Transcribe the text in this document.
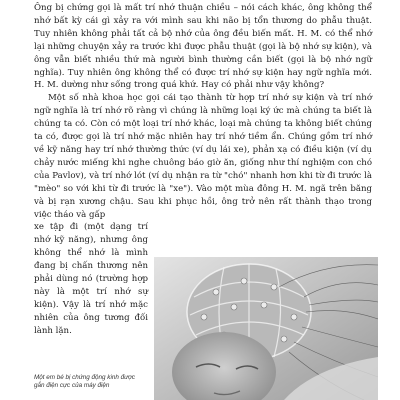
Ông bị chứng gọi là mất trí nhớ thuận chiều – nói cách khác, ông không thể nhớ bất kỳ cái gì xảy ra với mình sau khi não bị tổn thương do phẫu thuật. Tuy nhiên không phải tất cả bộ nhớ của ông đều biến mất. H. M. có thể nhớ lại những chuyện xảy ra trước khi được phẫu thuật (gọi là bộ nhớ sự kiện), và ông vẫn biết nhiều thứ mà người bình thường cần biết (gọi là bộ nhớ ngữ nghĩa). Tuy nhiên ông không thể có được trí nhớ sự kiện hay ngữ nghĩa mới. H. M. dường như sống trong quá khứ. Hay có phải như vậy không?

Một số nhà khoa học gọi cái tạo thành từ hợp trí nhớ sự kiện và trí nhớ ngữ nghĩa là trí nhớ rõ ràng vì chúng là những loại ký ức mà chúng ta biết là chúng ta có. Còn có một loại trí nhớ khác, loại mà chúng ta không biết chúng ta có, được gọi là trí nhớ mặc nhiên hay trí nhớ tiềm ẩn. Chúng gồm trí nhớ về kỹ năng hay trí nhớ thường thức (ví dụ lái xe), phản xạ có điều kiện (ví dụ chảy nước miếng khi nghe chuông báo giờ ăn, giống như thí nghiệm con chó của Pavlov), và trí nhớ lót (ví dụ nhận ra từ "chó" nhanh hơn khi từ đi trước là "mèo" so với khi từ đi trước là "xe"). Vào một mùa đông H. M. ngã trên băng và bị rạn xương chậu. Sau khi phục hồi, ông trở nên rất thành thạo trong việc tháo và gấp

xe tập đi (một dạng trí nhớ kỹ năng), nhưng ông không thể nhớ là mình đang bị chấn thương nên phải dùng nó (trường hợp này là một trí nhớ sự kiện). Vậy là trí nhớ mặc nhiên của ông tương đối lành lặn.
Một em bé bị chứng động kinh được gắn điện cực của máy điện
